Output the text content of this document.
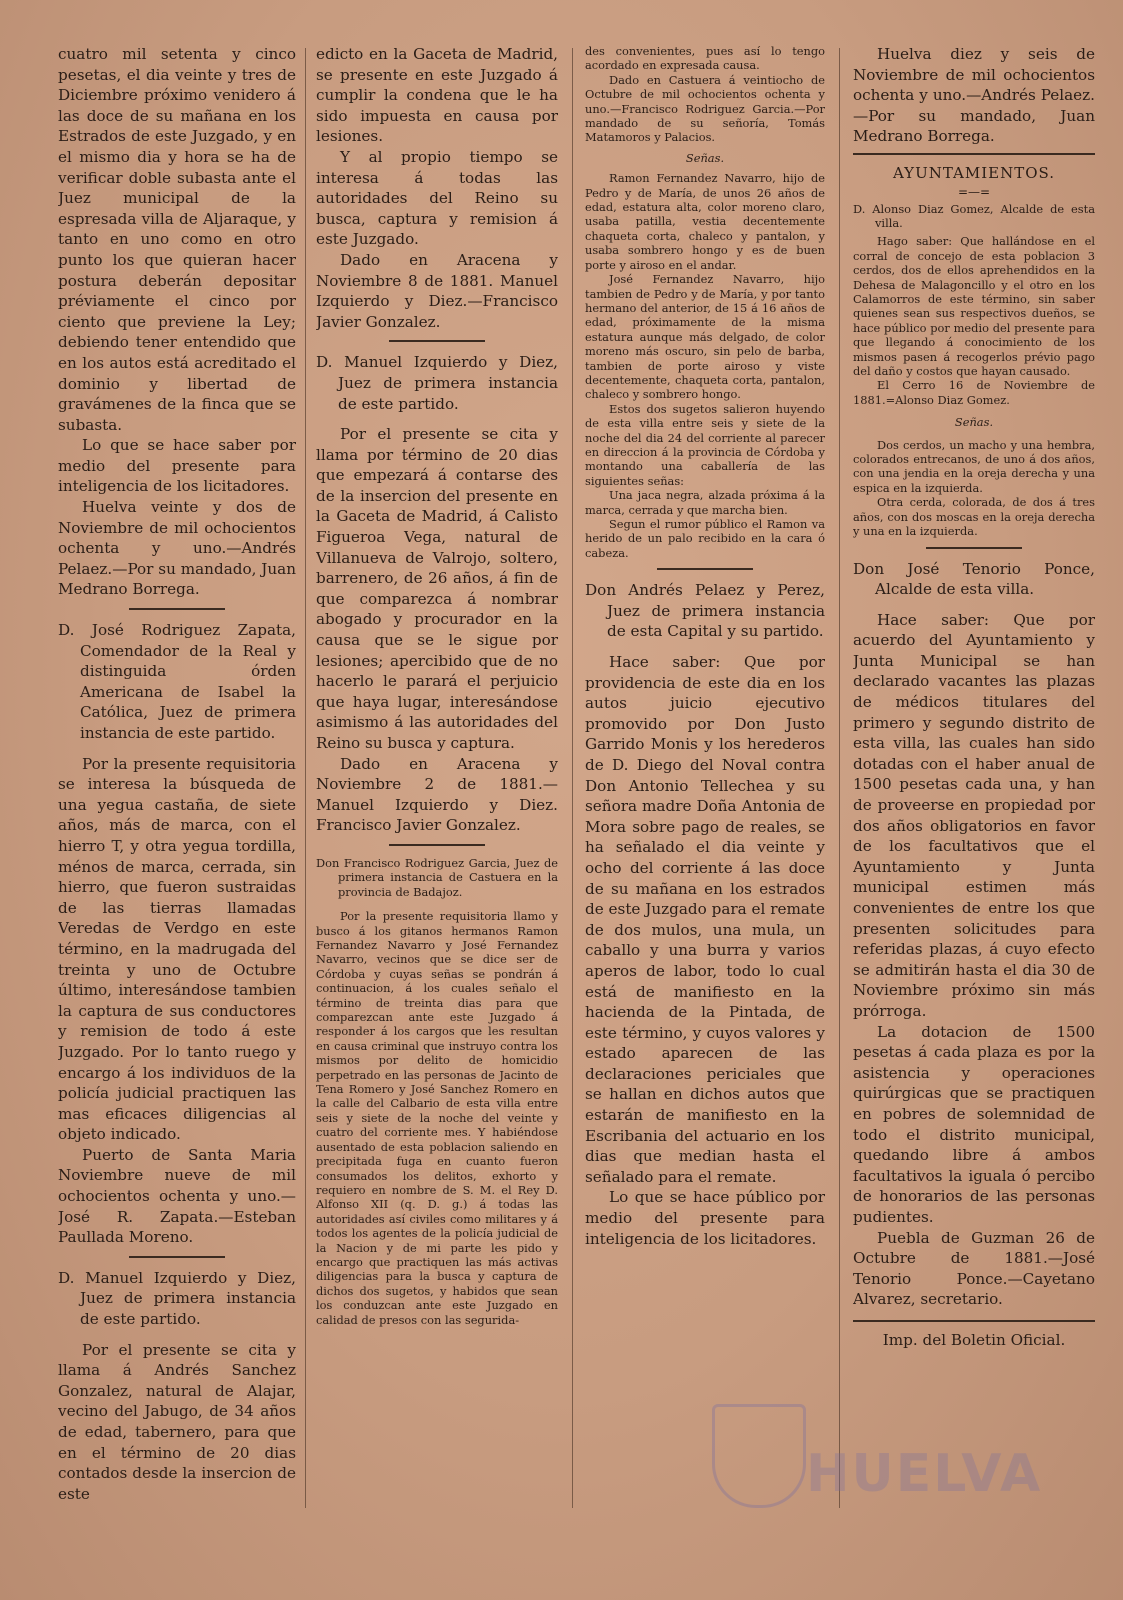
cuatro mil setenta y cinco pesetas, el dia veinte y tres de Diciembre próximo venidero á las doce de su mañana en los Estrados de este Juzgado, y en el mismo dia y hora se ha de verificar doble subasta ante el Juez municipal de la espresada villa de Aljaraque, y tanto en uno como en otro punto los que quieran hacer postura deberán depositar préviamente el cinco por ciento que previene la Ley; debiendo tener entendido que en los autos está acreditado el dominio y libertad de gravámenes de la finca que se subasta.

Lo que se hace saber por medio del presente para inteligencia de los licitadores.

Huelva veinte y dos de Noviembre de mil ochocientos ochenta y uno.—Andrés Pelaez.—Por su mandado, Juan Medrano Borrega.

D. José Rodriguez Zapata, Comendador de la Real y distinguida órden Americana de Isabel la Católica, Juez de primera instancia de este partido.

Por la presente requisitoria se interesa la búsqueda de una yegua castaña, de siete años, más de marca, con el hierro T, y otra yegua tordilla, ménos de marca, cerrada, sin hierro, que fueron sustraidas de las tierras llamadas Veredas de Verdgo en este término, en la madrugada del treinta y uno de Octubre último, interesándose tambien la captura de sus conductores y remision de todo á este Juzgado. Por lo tanto ruego y encargo á los individuos de la policía judicial practiquen las mas eficaces diligencias al objeto indicado.

Puerto de Santa Maria Noviembre nueve de mil ochocientos ochenta y uno.—José R. Zapata.—Esteban Paullada Moreno.

D. Manuel Izquierdo y Diez, Juez de primera instancia de este partido.

Por el presente se cita y llama á Andrés Sanchez Gonzalez, natural de Alajar, vecino del Jabugo, de 34 años de edad, tabernero, para que en el término de 20 dias contados desde la insercion de este

edicto en la Gaceta de Madrid, se presente en este Juzgado á cumplir la condena que le ha sido impuesta en causa por lesiones.

Y al propio tiempo se interesa á todas las autoridades del Reino su busca, captura y remision á este Juzgado.

Dado en Aracena y Noviembre 8 de 1881. Manuel Izquierdo y Diez.—Francisco Javier Gonzalez.

D. Manuel Izquierdo y Diez, Juez de primera instancia de este partido.

Por el presente se cita y llama por término de 20 dias que empezará á contarse des de la insercion del presente en la Gaceta de Madrid, á Calisto Figueroa Vega, natural de Villanueva de Valrojo, soltero, barrenero, de 26 años, á fin de que comparezca á nombrar abogado y procurador en la causa que se le sigue por lesiones; apercibido que de no hacerlo le parará el perjuicio que haya lugar, interesándose asimismo á las autoridades del Reino su busca y captura.

Dado en Aracena y Noviembre 2 de 1881.—Manuel Izquierdo y Diez. Francisco Javier Gonzalez.

Don Francisco Rodriguez Garcia, Juez de primera instancia de Castuera en la provincia de Badajoz.

Por la presente requisitoria llamo y busco á los gitanos hermanos Ramon Fernandez Navarro y José Fernandez Navarro, vecinos que se dice ser de Córdoba y cuyas señas se pondrán á continuacion, á los cuales señalo el término de treinta dias para que comparezcan ante este Juzgado á responder á los cargos que les resultan en causa criminal que instruyo contra los mismos por delito de homicidio perpetrado en las personas de Jacinto de Tena Romero y José Sanchez Romero en la calle del Calbario de esta villa entre seis y siete de la noche del veinte y cuatro del corriente mes. Y habiéndose ausentado de esta poblacion saliendo en precipitada fuga en cuanto fueron consumados los delitos, exhorto y requiero en nombre de S. M. el Rey D. Alfonso XII (q. D. g.) á todas las autoridades así civiles como militares y á todos los agentes de la policía judicial de la Nacion y de mi parte les pido y encargo que practiquen las más activas diligencias para la busca y captura de dichos dos sugetos, y habidos que sean los conduzcan ante este Juzgado en calidad de presos con las segurida-

des convenientes, pues así lo tengo acordado en expresada causa.

Dado en Castuera á veintiocho de Octubre de mil ochocientos ochenta y uno.—Francisco Rodriguez Garcia.—Por mandado de su señoría, Tomás Matamoros y Palacios.

Señas.

Ramon Fernandez Navarro, hijo de Pedro y de María, de unos 26 años de edad, estatura alta, color moreno claro, usaba patilla, vestia decentemente chaqueta corta, chaleco y pantalon, y usaba sombrero hongo y es de buen porte y airoso en el andar.

José Fernandez Navarro, hijo tambien de Pedro y de María, y por tanto hermano del anterior, de 15 á 16 años de edad, próximamente de la misma estatura aunque más delgado, de color moreno más oscuro, sin pelo de barba, tambien de porte airoso y viste decentemente, chaqueta corta, pantalon, chaleco y sombrero hongo.

Estos dos sugetos salieron huyendo de esta villa entre seis y siete de la noche del dia 24 del corriente al parecer en direccion á la provincia de Córdoba y montando una caballería de las siguientes señas:

Una jaca negra, alzada próxima á la marca, cerrada y que marcha bien.

Segun el rumor público el Ramon va herido de un palo recibido en la cara ó cabeza.

Don Andrés Pelaez y Perez, Juez de primera instancia de esta Capital y su partido.

Hace saber: Que por providencia de este dia en los autos juicio ejecutivo promovido por Don Justo Garrido Monis y los herederos de D. Diego del Noval contra Don Antonio Tellechea y su señora madre Doña Antonia de Mora sobre pago de reales, se ha señalado el dia veinte y ocho del corriente á las doce de su mañana en los estrados de este Juzgado para el remate de dos mulos, una mula, un caballo y una burra y varios aperos de labor, todo lo cual está de manifiesto en la hacienda de la Pintada, de este término, y cuyos valores y estado aparecen de las declaraciones periciales que se hallan en dichos autos que estarán de manifiesto en la Escribania del actuario en los dias que median hasta el señalado para el remate.

Lo que se hace público por medio del presente para inteligencia de los licitadores.

Huelva diez y seis de Noviembre de mil ochocientos ochenta y uno.—Andrés Pelaez.—Por su mandado, Juan Medrano Borrega.

AYUNTAMIENTOS.

=—=

D. Alonso Diaz Gomez, Alcalde de esta villa.

Hago saber: Que hallándose en el corral de concejo de esta poblacion 3 cerdos, dos de ellos aprehendidos en la Dehesa de Malagoncillo y el otro en los Calamorros de este término, sin saber quienes sean sus respectivos dueños, se hace público por medio del presente para que llegando á conocimiento de los mismos pasen á recogerlos prévio pago del daño y costos que hayan causado.

El Cerro 16 de Noviembre de 1881.=Alonso Diaz Gomez.

Señas.

Dos cerdos, un macho y una hembra, colorados entrecanos, de uno á dos años, con una jendia en la oreja derecha y una espica en la izquierda.

Otra cerda, colorada, de dos á tres años, con dos moscas en la oreja derecha y una en la izquierda.

Don José Tenorio Ponce, Alcalde de esta villa.

Hace saber: Que por acuerdo del Ayuntamiento y Junta Municipal se han declarado vacantes las plazas de médicos titulares del primero y segundo distrito de esta villa, las cuales han sido dotadas con el haber anual de 1500 pesetas cada una, y han de proveerse en propiedad por dos años obligatorios en favor de los facultativos que el Ayuntamiento y Junta municipal estimen más convenientes de entre los que presenten solicitudes para referidas plazas, á cuyo efecto se admitirán hasta el dia 30 de Noviembre próximo sin más prórroga.

La dotacion de 1500 pesetas á cada plaza es por la asistencia y operaciones quirúrgicas que se practiquen en pobres de solemnidad de todo el distrito municipal, quedando libre á ambos facultativos la iguala ó percibo de honorarios de las personas pudientes.

Puebla de Guzman 26 de Octubre de 1881.—José Tenorio Ponce.—Cayetano Alvarez, secretario.

Imp. del Boletin Oficial.

HUELVA
